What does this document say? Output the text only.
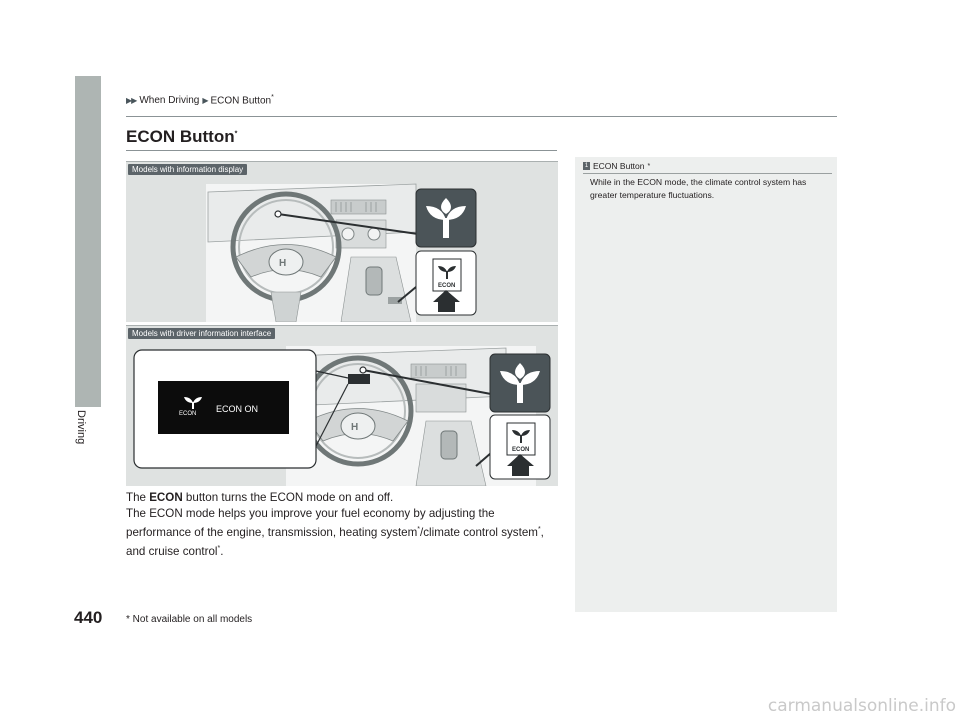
Driving
440
▶▶ When Driving ▶ ECON Button*
ECON Button*
H
ECON
Models with information display
H
ECON
ECON ECON ON
Models with driver information interface

The ECON button turns the ECON mode on and off.

The ECON mode helps you improve your fuel economy by adjusting the

performance of the engine, transmission, heating system*/climate control system*,

and cruise control*.

1 ECON Button *
While in the ECON mode, the climate control system has greater temperature fluctuations.
* Not available on all models
carmanualsonline.info
